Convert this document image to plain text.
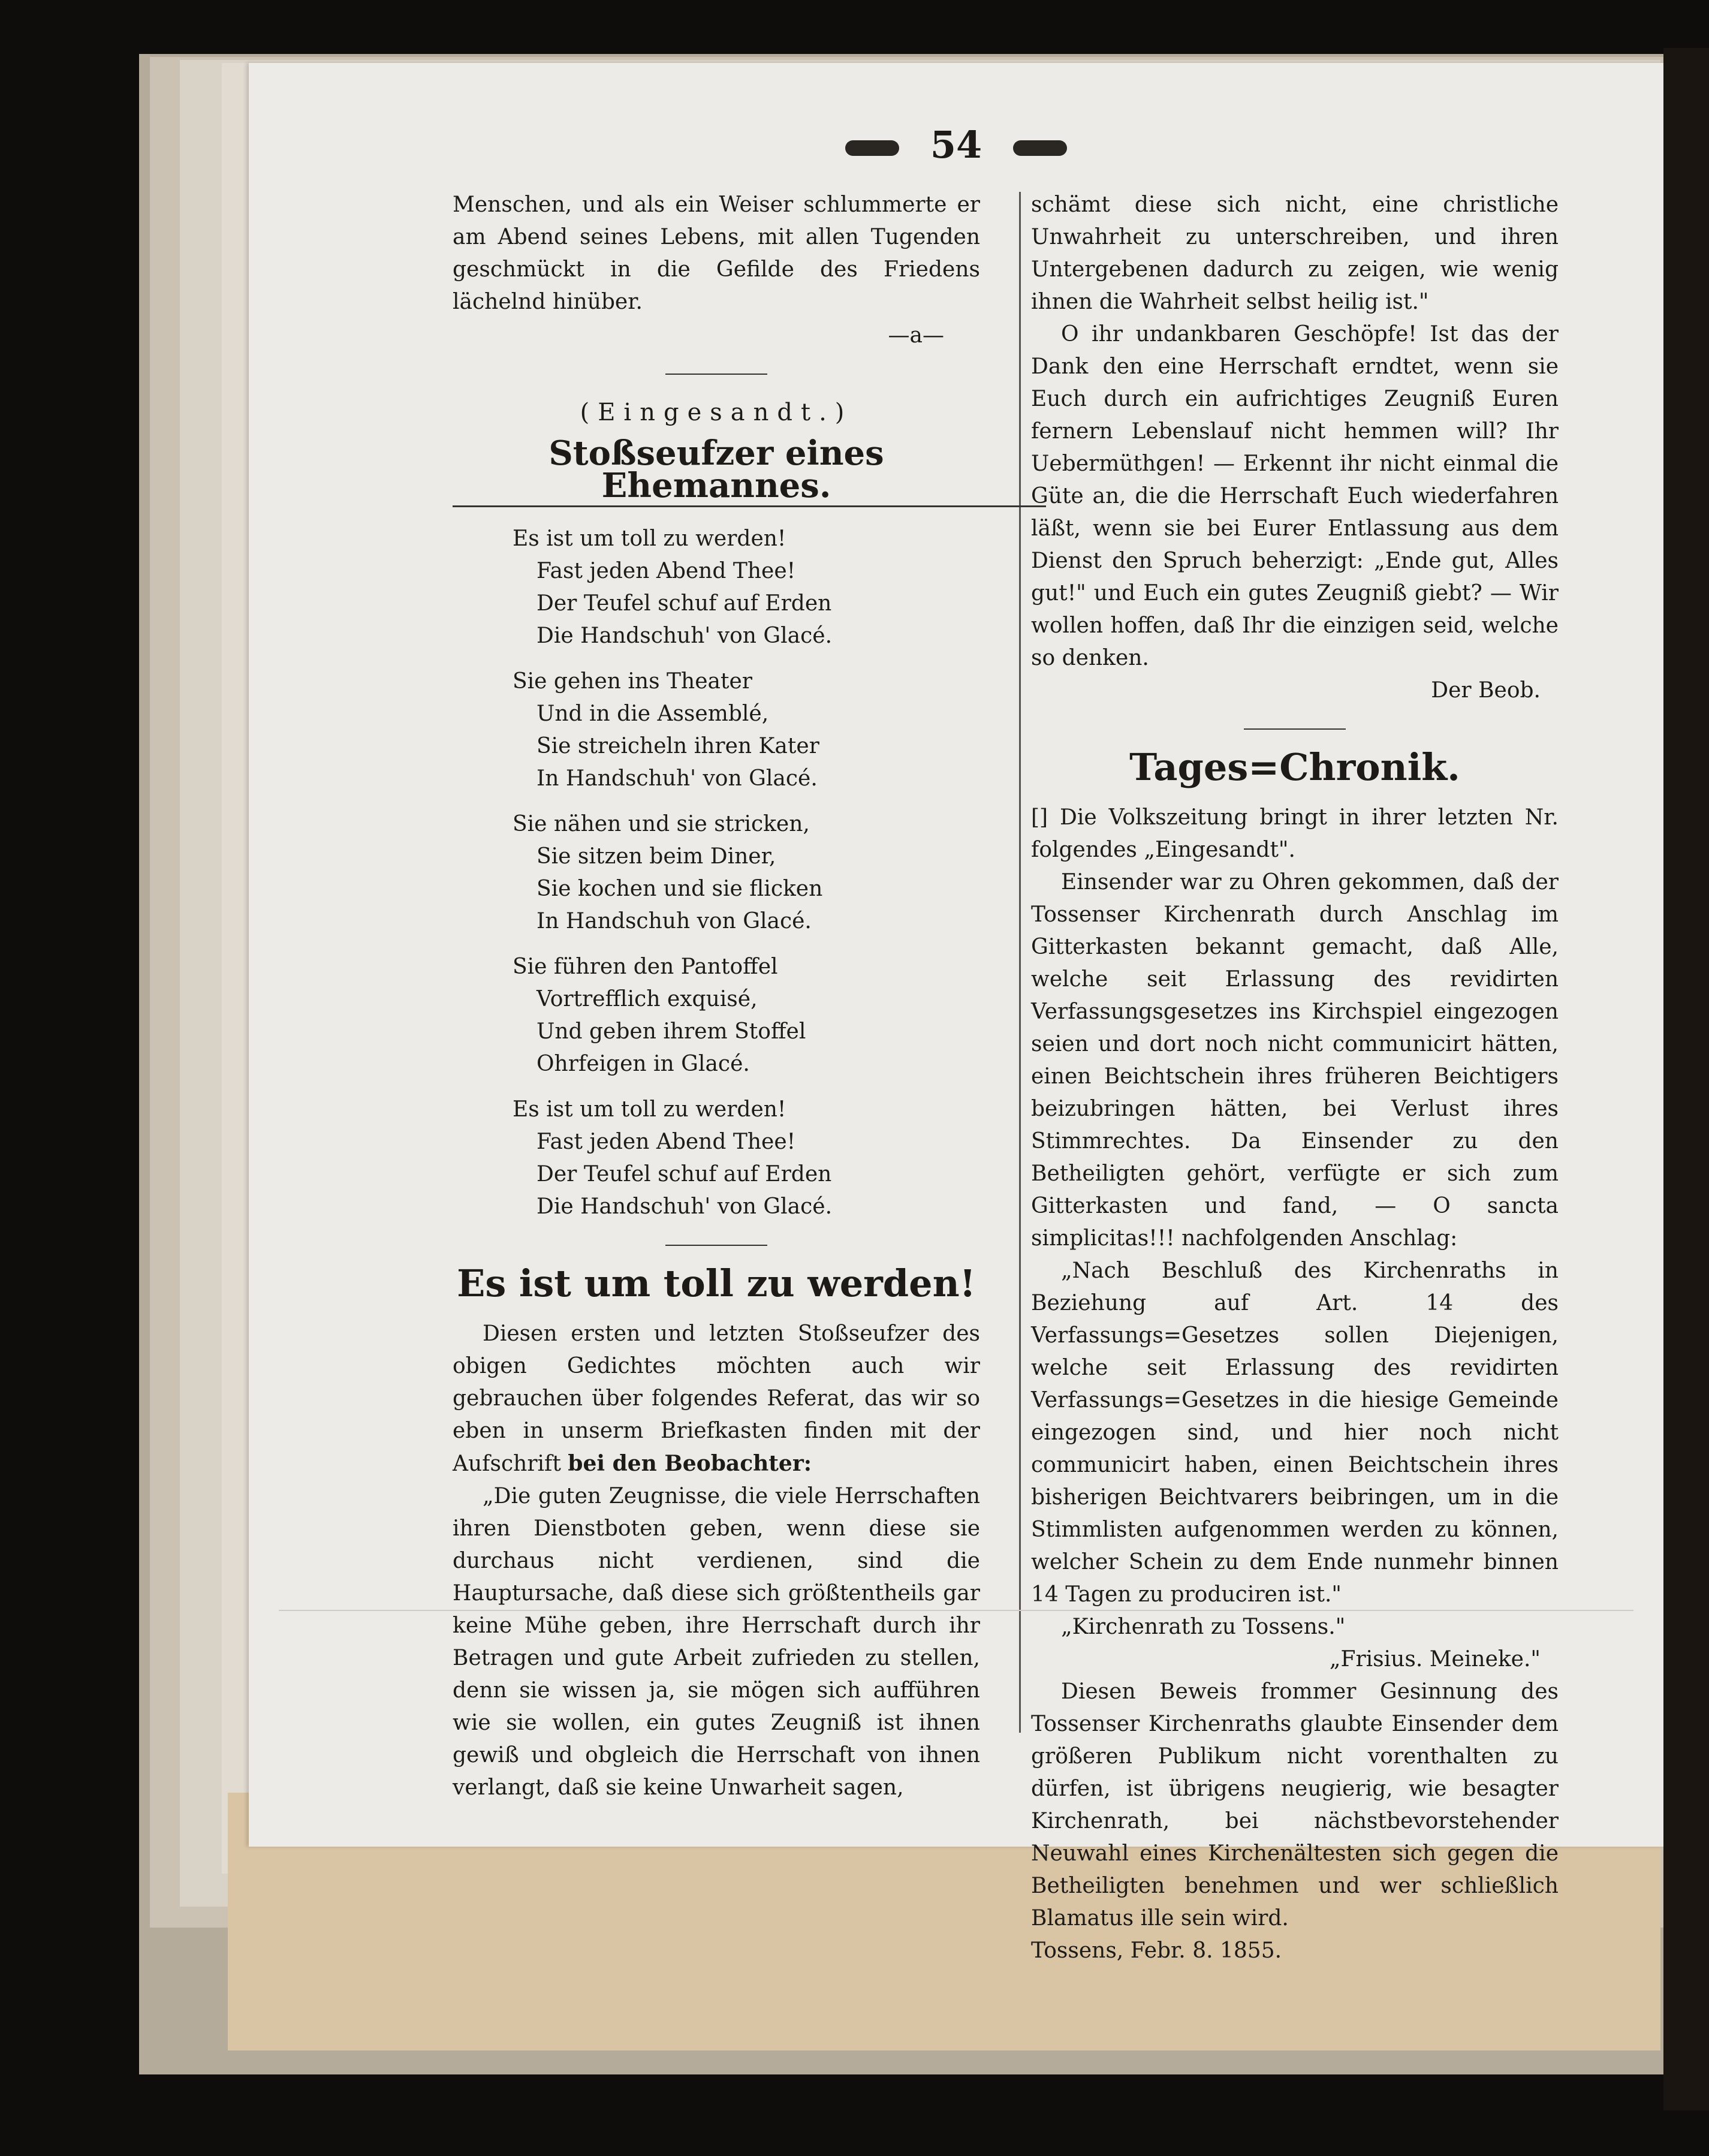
54

Menschen, und als ein Weiser schlummerte er am Abend seines Lebens, mit allen Tugenden geschmückt in die Gefilde des Friedens lächelnd hinüber.

—a—
(Eingesandt.)
Stoßseufzer eines Ehemannes.
Es ist um toll zu werden!
Fast jeden Abend Thee!
Der Teufel schuf auf Erden
Die Handschuh' von Glacé.
Sie gehen ins Theater
Und in die Assemblé,
Sie streicheln ihren Kater
In Handschuh' von Glacé.
Sie nähen und sie stricken,
Sie sitzen beim Diner,
Sie kochen und sie flicken
In Handschuh von Glacé.
Sie führen den Pantoffel
Vortrefflich exquisé,
Und geben ihrem Stoffel
Ohrfeigen in Glacé.
Es ist um toll zu werden!
Fast jeden Abend Thee!
Der Teufel schuf auf Erden
Die Handschuh' von Glacé.
Es ist um toll zu werden!

Diesen ersten und letzten Stoßseufzer des obigen Gedichtes möchten auch wir gebrauchen über folgendes Referat, das wir so eben in unserm Briefkasten finden mit der Aufschrift bei den Beobachter:

„Die guten Zeugnisse, die viele Herrschaften ihren Dienstboten geben, wenn diese sie durchaus nicht verdienen, sind die Hauptursache, daß diese sich größtentheils gar keine Mühe geben, ihre Herrschaft durch ihr Betragen und gute Arbeit zufrieden zu stellen, denn sie wissen ja, sie mögen sich aufführen wie sie wollen, ein gutes Zeugniß ist ihnen gewiß und obgleich die Herrschaft von ihnen verlangt, daß sie keine Unwarheit sagen,

schämt diese sich nicht, eine christliche Unwahrheit zu unterschreiben, und ihren Untergebenen dadurch zu zeigen, wie wenig ihnen die Wahrheit selbst heilig ist."

O ihr undankbaren Geschöpfe! Ist das der Dank den eine Herrschaft erndtet, wenn sie Euch durch ein aufrichtiges Zeugniß Euren fernern Lebenslauf nicht hemmen will? Ihr Uebermüthgen! — Erkennt ihr nicht einmal die Güte an, die die Herrschaft Euch wiederfahren läßt, wenn sie bei Eurer Entlassung aus dem Dienst den Spruch beherzigt: „Ende gut, Alles gut!" und Euch ein gutes Zeugniß giebt? — Wir wollen hoffen, daß Ihr die einzigen seid, welche so denken.

Der Beob.
Tages=Chronik.

[] Die Volkszeitung bringt in ihrer letzten Nr. folgendes „Eingesandt".

Einsender war zu Ohren gekommen, daß der Tossenser Kirchenrath durch Anschlag im Gitterkasten bekannt gemacht, daß Alle, welche seit Erlassung des revidirten Verfassungsgesetzes ins Kirchspiel eingezogen seien und dort noch nicht communicirt hätten, einen Beichtschein ihres früheren Beichtigers beizubringen hätten, bei Verlust ihres Stimmrechtes. Da Einsender zu den Betheiligten gehört, verfügte er sich zum Gitterkasten und fand, — O sancta simplicitas!!! nachfolgenden Anschlag:

„Nach Beschluß des Kirchenraths in Beziehung auf Art. 14 des Verfassungs=Gesetzes sollen Diejenigen, welche seit Erlassung des revidirten Verfassungs=Gesetzes in die hiesige Gemeinde eingezogen sind, und hier noch nicht communicirt haben, einen Beichtschein ihres bisherigen Beichtvarers beibringen, um in die Stimmlisten aufgenommen werden zu können, welcher Schein zu dem Ende nunmehr binnen 14 Tagen zu produciren ist."

„Kirchenrath zu Tossens."

„Frisius. Meineke."

Diesen Beweis frommer Gesinnung des Tossenser Kirchenraths glaubte Einsender dem größeren Publikum nicht vorenthalten zu dürfen, ist übrigens neugierig, wie besagter Kirchenrath, bei nächstbevorstehender Neuwahl eines Kirchenältesten sich gegen die Betheiligten benehmen und wer schließlich Blamatus ille sein wird.

Tossens, Febr. 8. 1855.
